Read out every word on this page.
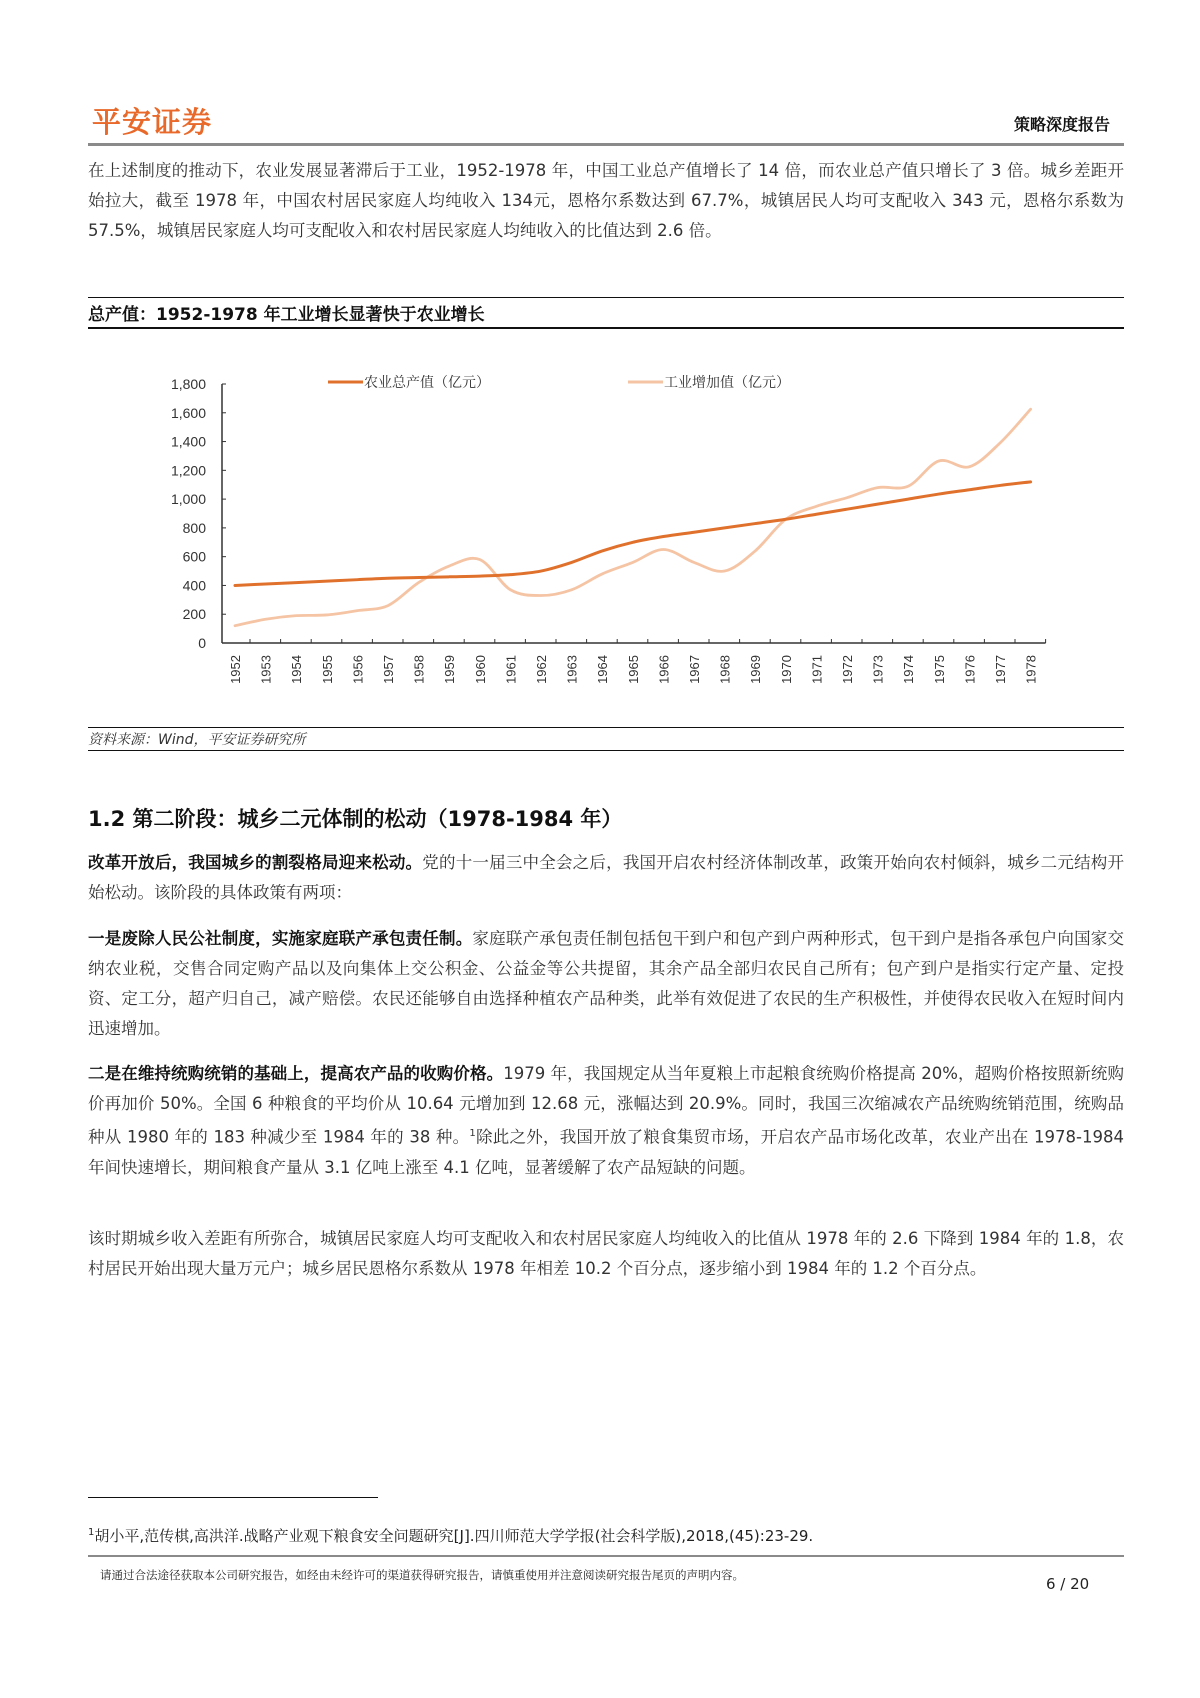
平安证券	策略深度报告
在上述制度的推动下，农业发展显著滞后于工业，1952-1978 年，中国工业总产值增长了 14 倍，而农业总产值只增长了 3 倍。城乡差距开始拉大，截至 1978 年，中国农村居民家庭人均纯收入 134元，恩格尔系数达到 67.7%，城镇居民人均可支配收入 343 元，恩格尔系数为 57.5%，城镇居民家庭人均可支配收入和农村居民家庭人均纯收入的比值达到 2.6 倍。
总产值：1952-1978 年工业增长显著快于农业增长
0
200
400
600
800
1,000
1,200
1,400
1,600
1,800
1952 1953 1954 1955 1956 1957 1958 1959 1960 1961 1962 1963 1964 1965 1966 1967 1968 1969 1970 1971 1972 1973 1974 1975 1976 1977 1978
农业总产值（亿元）	工业增加值（亿元）
资料来源：Wind，平安证券研究所
1.2 第二阶段：城乡二元体制的松动（1978-1984 年）
改革开放后，我国城乡的割裂格局迎来松动。党的十一届三中全会之后，我国开启农村经济体制改革，政策开始向农村倾斜，城乡二元结构开始松动。该阶段的具体政策有两项：
一是废除人民公社制度，实施家庭联产承包责任制。家庭联产承包责任制包括包干到户和包产到户两种形式，包干到户是指各承包户向国家交纳农业税，交售合同定购产品以及向集体上交公积金、公益金等公共提留，其余产品全部归农民自己所有；包产到户是指实行定产量、定投资、定工分，超产归自己，减产赔偿。农民还能够自由选择种植农产品种类，此举有效促进了农民的生产积极性，并使得农民收入在短时间内迅速增加。
二是在维持统购统销的基础上，提高农产品的收购价格。1979 年，我国规定从当年夏粮上市起粮食统购价格提高 20%，超购价格按照新统购价再加价 50%。全国 6 种粮食的平均价从 10.64 元增加到 12.68 元，涨幅达到 20.9%。同时，我国三次缩减农产品统购统销范围，统购品种从 1980 年的 183 种减少至 1984 年的 38 种。$^1$除此之外，我国开放了粮食集贸市场，开启农产品市场化改革，农业产出在 1978-1984 年间快速增长，期间粮食产量从 3.1 亿吨上涨至 4.1 亿吨，显著缓解了农产品短缺的问题。
该时期城乡收入差距有所弥合，城镇居民家庭人均可支配收入和农村居民家庭人均纯收入的比值从 1978 年的 2.6 下降到 1984 年的 1.8，农村居民开始出现大量万元户；城乡居民恩格尔系数从 1978 年相差 10.2 个百分点，逐步缩小到 1984 年的 1.2 个百分点。
$^1$胡小平,范传棋,高洪洋.战略产业观下粮食安全问题研究[J].四川师范大学学报(社会科学版),2018,(45):23-29.
请通过合法途径获取本公司研究报告，如经由未经许可的渠道获得研究报告，请慎重使用并注意阅读研究报告尾页的声明内容。	6 / 20
